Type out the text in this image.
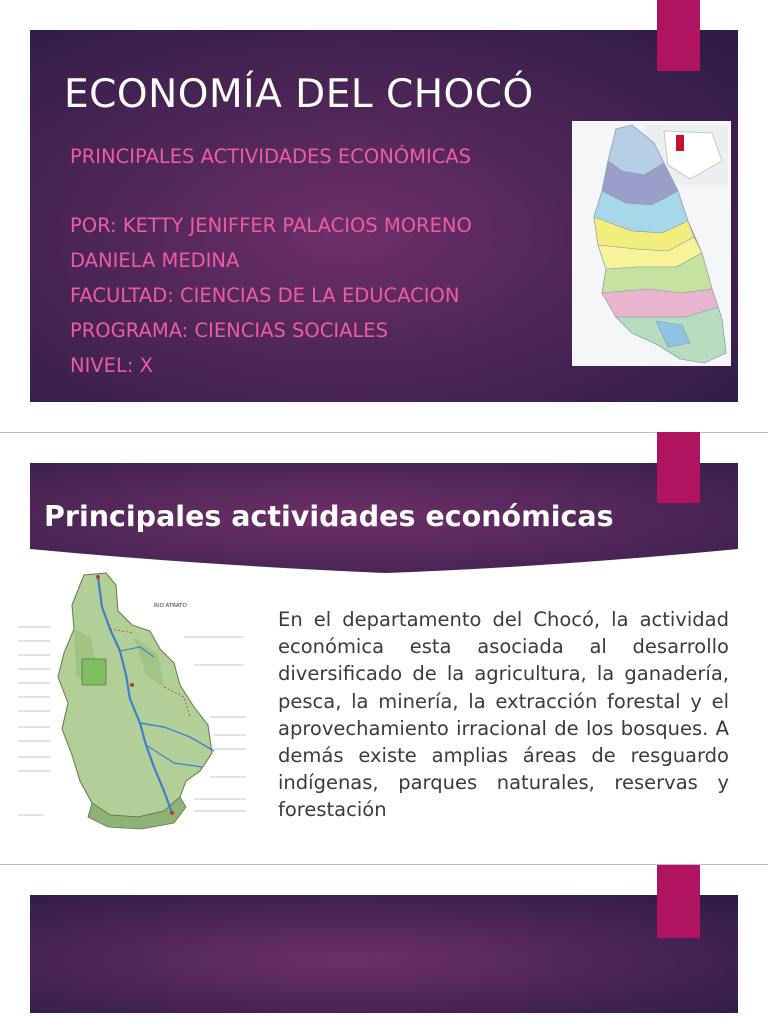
ECONOMÍA DEL CHOCÓ
PRINCIPALES ACTIVIDADES ECONÓMICAS
POR: KETTY JENIFFER PALACIOS MORENO
DANIELA MEDINA
FACULTAD: CIENCIAS DE LA EDUCACION
PROGRAMA: CIENCIAS SOCIALES
NIVEL: X
Principales actividades económicas
RIO ATRATO

En el departamento del Chocó, la actividad económica esta asociada al desarrollo diversificado de la agricultura, la ganadería, pesca, la minería, la extracción forestal y el aprovechamiento irracional de los bosques. A demás existe amplias áreas de resguardo indígenas, parques naturales, reservas y forestación
